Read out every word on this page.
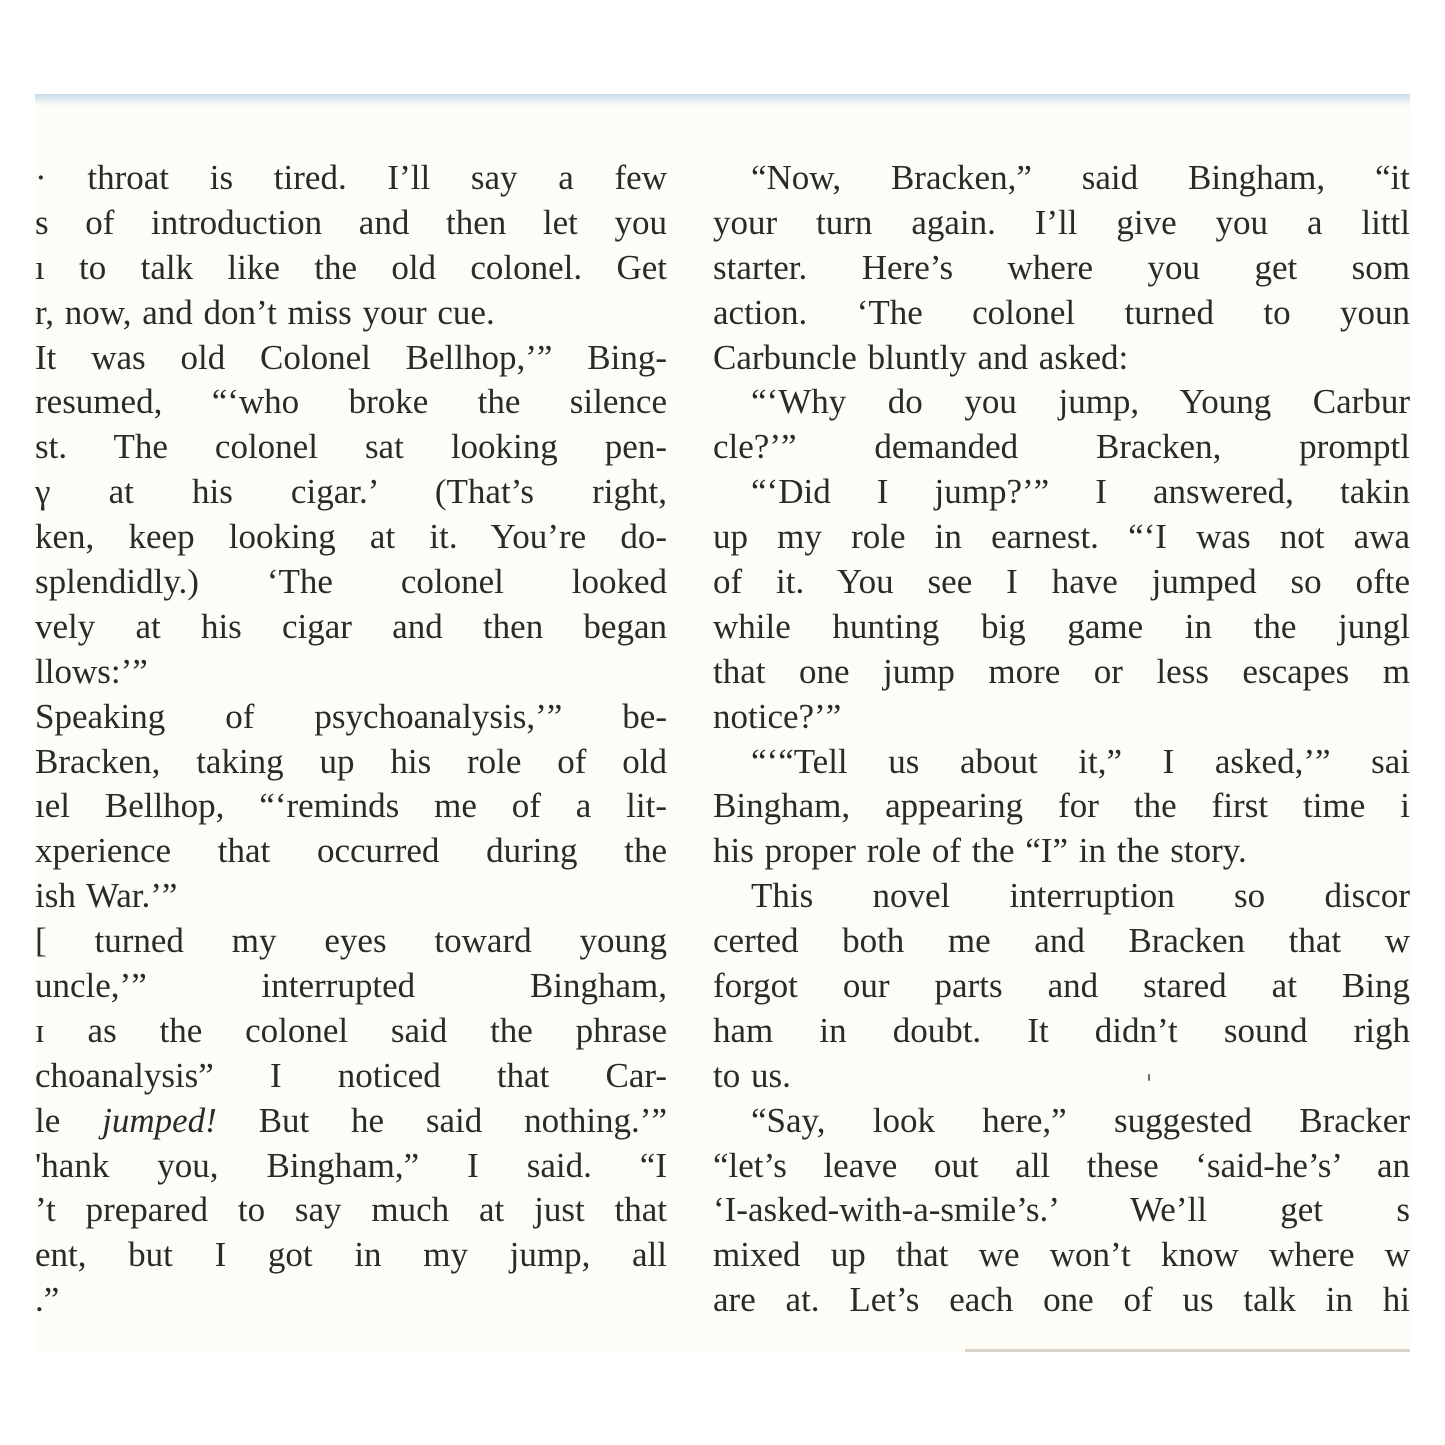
· throat is tired. I’ll say a few
s of introduction and then let you
ı to talk like the old colonel. Get
r, now, and don’t miss your cue.
It was old Colonel Bellhop,’” Bing-
resumed, “‘who broke the silence
st. The colonel sat looking pen-
γ at his cigar.’ (That’s right,
ken, keep looking at it. You’re do-
splendidly.) ‘The colonel looked
vely at his cigar and then began
llows:’”
Speaking of psychoanalysis,’” be-
Bracken, taking up his role of old
ıel Bellhop, “‘reminds me of a lit-
xperience that occurred during the
ish War.’”
[ turned my eyes toward young
uncle,’” interrupted Bingham,
ɪ as the colonel said the phrase
choanalysis” I noticed that Car-
le jumped! But he said nothing.’”
'hank you, Bingham,” I said. “I
’t prepared to say much at just that
ent, but I got in my jump, all
.”
“Now, Bracken,” said Bingham, “it
your turn again. I’ll give you a littl
starter. Here’s where you get som
action. ‘The colonel turned to youn
Carbuncle bluntly and asked:
“‘Why do you jump, Young Carbur
cle?’” demanded Bracken, promptl
“‘Did I jump?’” I answered, takin
up my role in earnest. “‘I was not awa
of it. You see I have jumped so ofte
while hunting big game in the jungl
that one jump more or less escapes m
notice?’”
“‘“Tell us about it,” I asked,’” sai
Bingham, appearing for the first time i
his proper role of the “I” in the story.
This novel interruption so discor
certed both me and Bracken that w
forgot our parts and stared at Bing
ham in doubt. It didn’t sound righ
to us.
“Say, look here,” suggested Bracker
“let’s leave out all these ‘said-he’s’ an
‘I-asked-with-a-smile’s.’ We’ll get s
mixed up that we won’t know where w
are at. Let’s each one of us talk in hi
